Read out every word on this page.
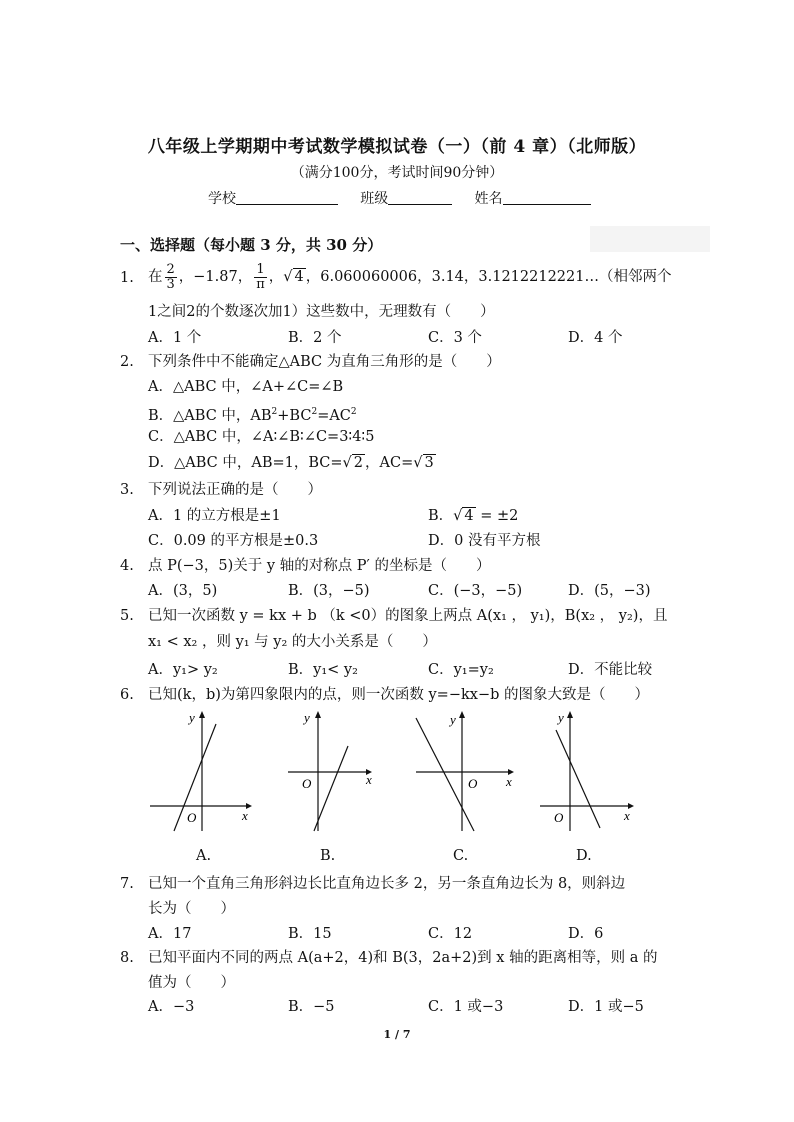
八年级上学期期中考试数学模拟试卷（一）（前 4 章）（北师版）
（满分100分，考试时间90分钟）
学校	班级	姓名
一、选择题（每小题 3 分，共 30 分）
1. 在 $\frac{2}{3}$ ，−1.87， $\frac{1}{\pi}$ ，√ 4 ，6.060060006，3.14，3.1212212221…（相邻两个
1之间2的个数逐次加1）这些数中，无理数有（　　）
A．1 个	B．2 个	C．3 个	D．4 个
2. 下列条件中不能确定△ABC 为直角三角形的是（　　）
A．△ABC 中，∠A+∠C=∠B
B．△ABC 中，$AB^2+BC^2=AC^2$
C．△ABC 中，∠A∶∠B∶∠C=3∶4∶5
D．△ABC 中，AB=1，BC=√ 2 ，AC=√ 3
3. 下列说法正确的是（　　）
A．1 的立方根是±1	B．√ 4 = ±2
C．0.09 的平方根是±0.3	D．0 没有平方根
4. 点 P(−3，5)关于 y 轴的对称点 P′ 的坐标是（　　）
A．(3，5)	B．(3，−5)	C．(−3，−5)	D．(5，−3)
5. 已知一次函数 y = kx + b （k <0）的图象上两点 A(x₁ ， y₁)，B(x₂ ， y₂)，且
x₁ < x₂ ，则 y₁ 与 y₂ 的大小关系是（　　）
A．y₁> y₂	B．y₁< y₂	C．y₁=y₂	D．不能比较
6. 已知(k，b)为第四象限内的点，则一次函数 y=−kx−b 的图象大致是（　　）
x
y
O
x
y
O	x
y
O
x
y
O
A.	B.	C.	D.
7. 已知一个直角三角形斜边长比直角边长多 2，另一条直角边长为 8，则斜边
长为（　　）
A．17	B．15	C．12	D．6
8. 已知平面内不同的两点 A(a+2，4)和 B(3，2a+2)到 x 轴的距离相等，则 a 的
值为（　　）
A．−3	B．−5	C．1 或−3	D．1 或−5
1 / 7
